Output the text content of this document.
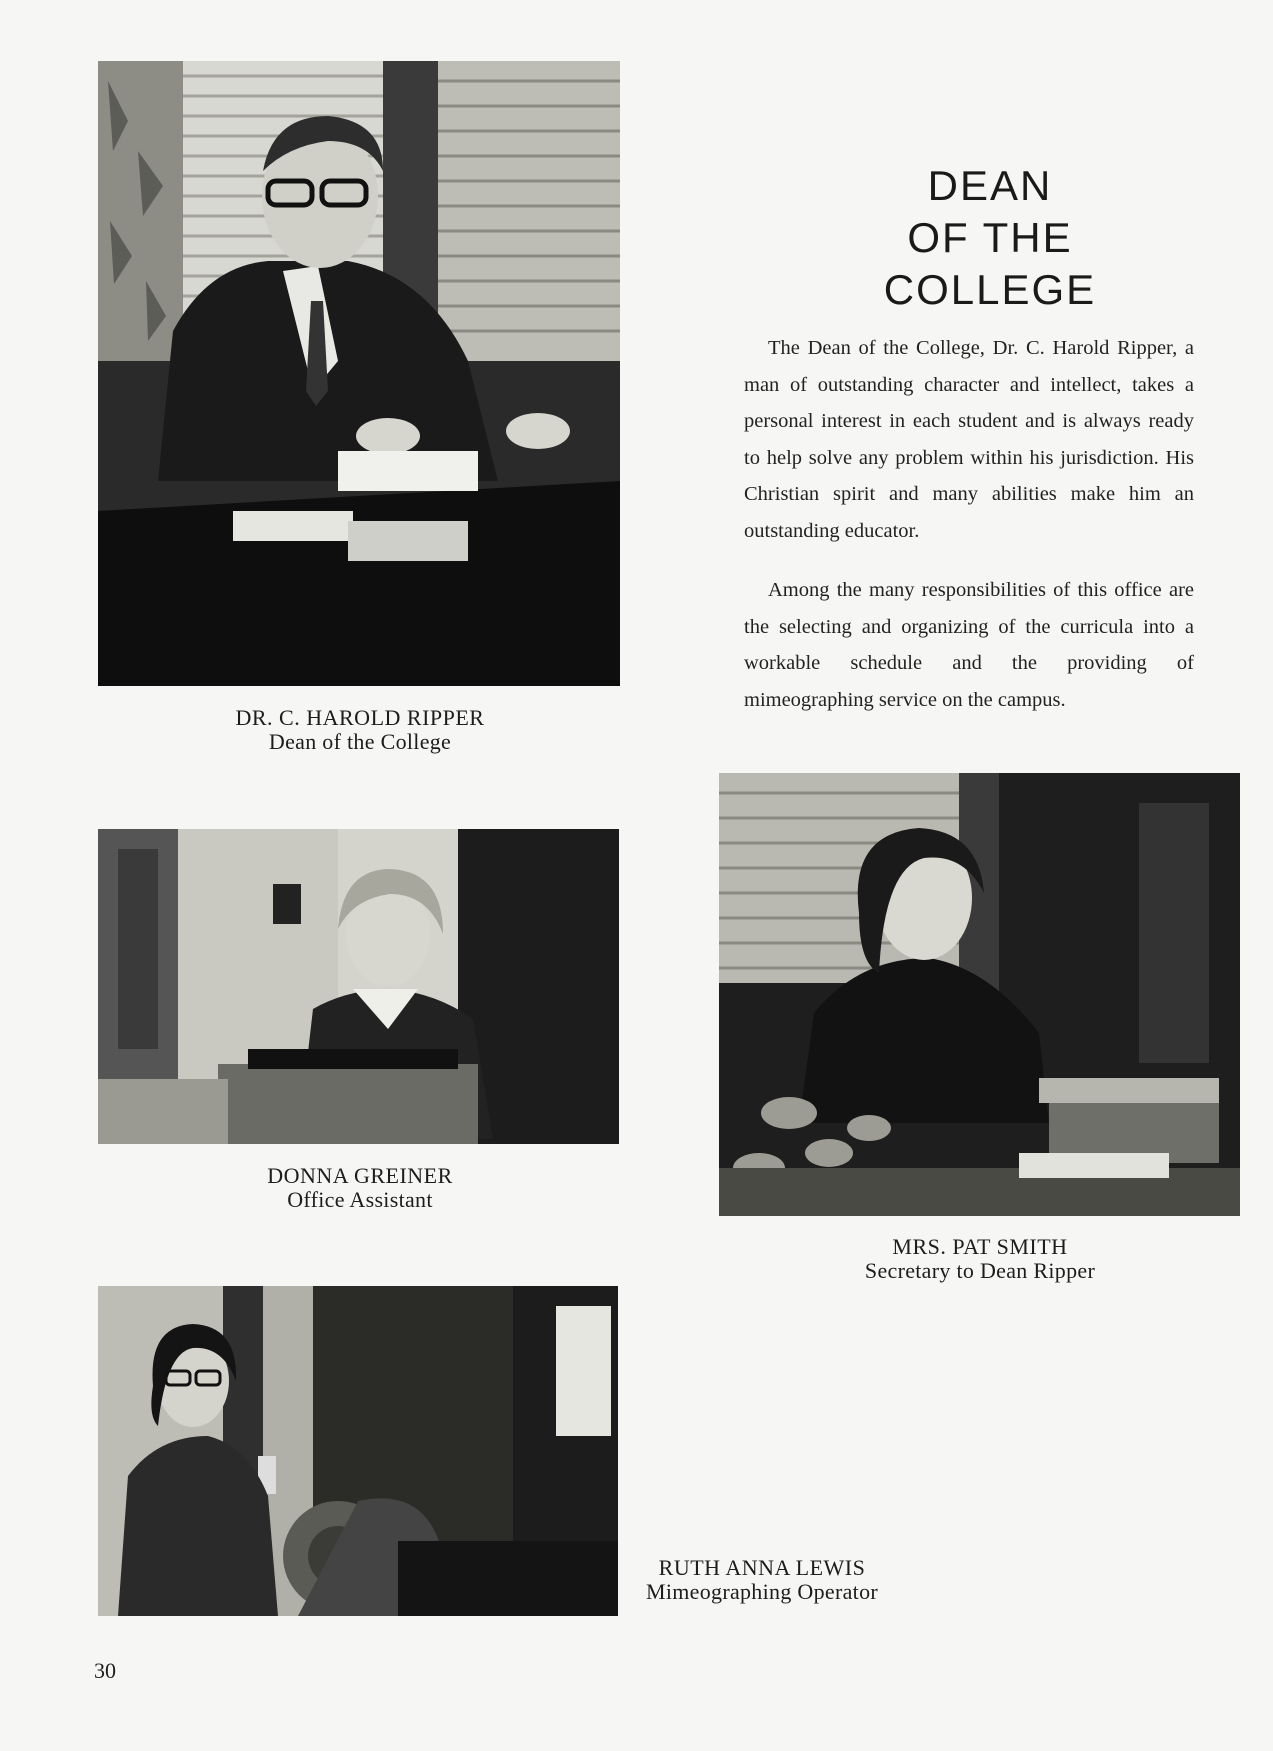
DR. C. HAROLD RIPPER
Dean of the College
DEAN
OF THE
COLLEGE

The Dean of the College, Dr. C. Harold Ripper, a man of outstanding character and intellect, takes a personal interest in each student and is always ready to help solve any problem within his jurisdiction. His Christian spirit and many abilities make him an outstanding educator.

Among the many responsibilities of this office are the selecting and organizing of the curricula into a workable schedule and the providing of mimeographing service on the campus.

DONNA GREINER
Office Assistant
MRS. PAT SMITH
Secretary to Dean Ripper
RUTH ANNA LEWIS
Mimeographing Operator
30
